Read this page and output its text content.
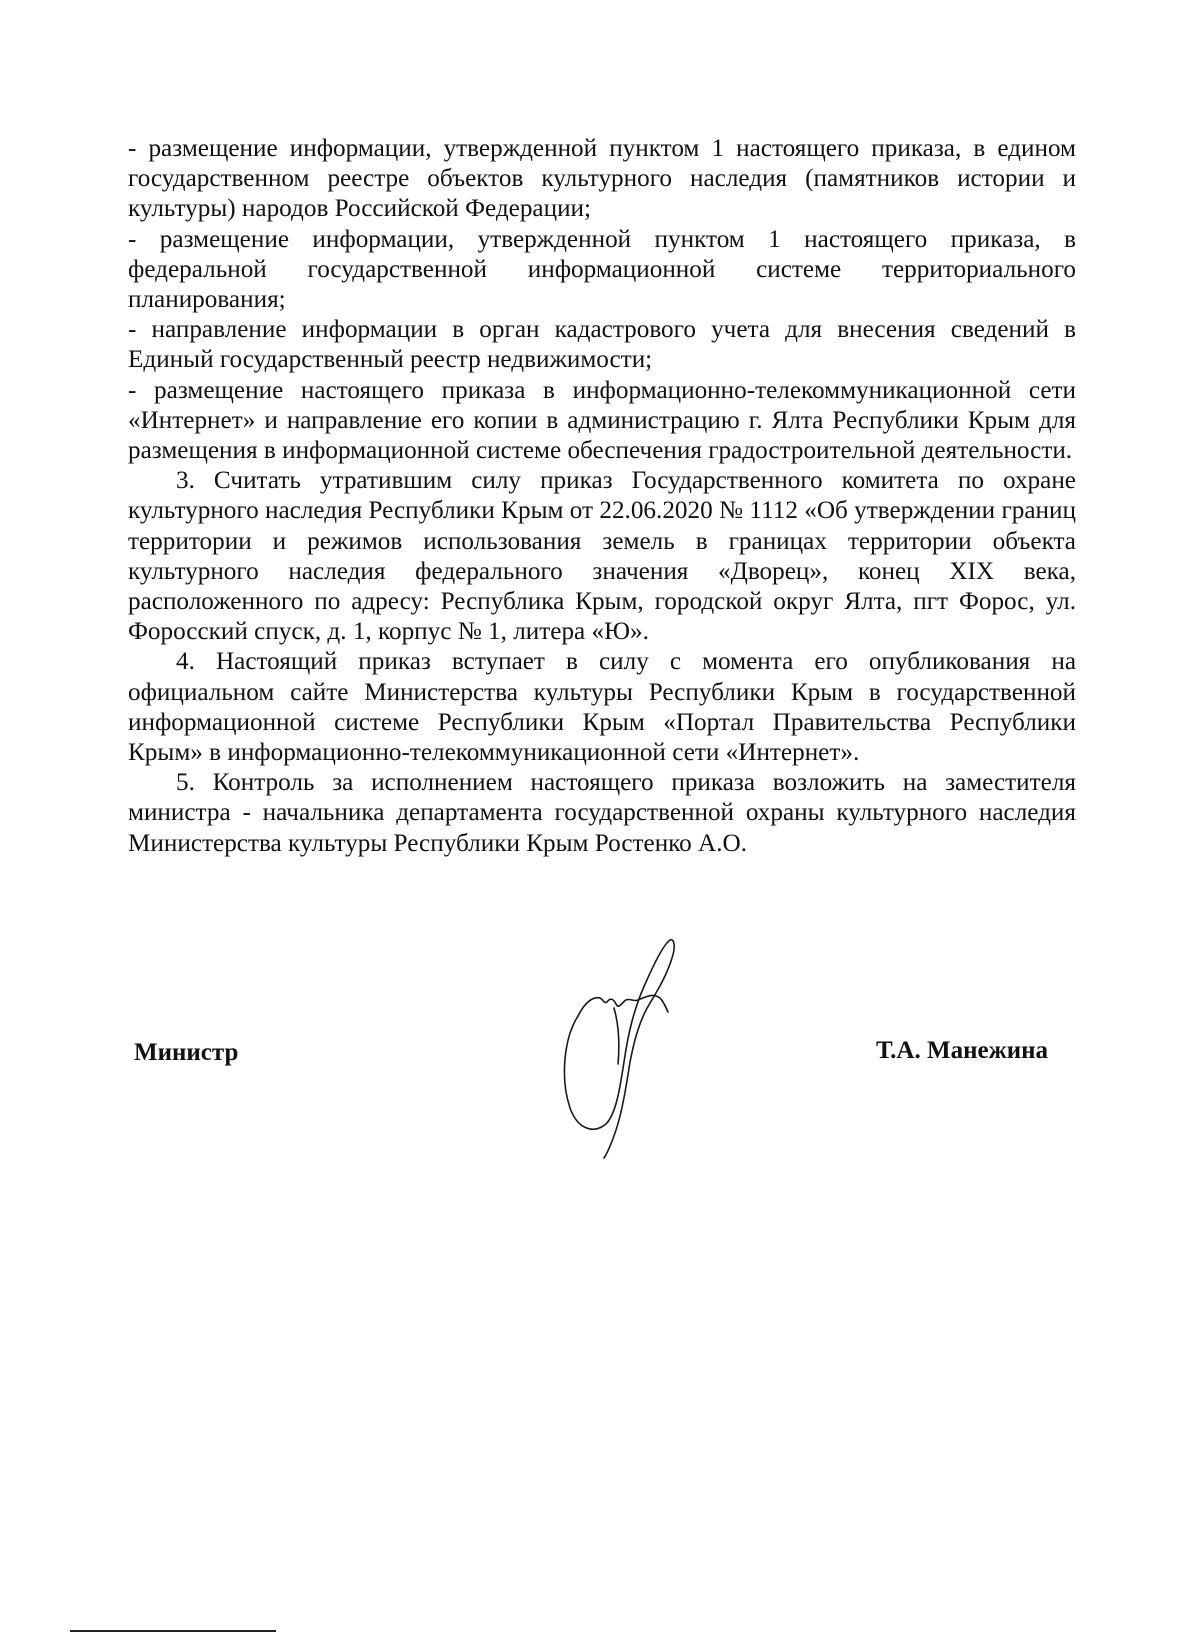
- размещение информации, утвержденной пунктом 1 настоящего приказа, в едином государственном реестре объектов культурного наследия (памятников истории и культуры) народов Российской Федерации;

- размещение информации, утвержденной пунктом 1 настоящего приказа, в федеральной государственной информационной системе территориального планирования;

- направление информации в орган кадастрового учета для внесения сведений в Единый государственный реестр недвижимости;

- размещение настоящего приказа в информационно-телекоммуникационной сети «Интернет» и направление его копии в администрацию г. Ялта Республики Крым для размещения в информационной системе обеспечения градостроительной деятельности.

3. Считать утратившим силу приказ Государственного комитета по охране культурного наследия Республики Крым от 22.06.2020 № 1112 «Об утверждении границ территории и режимов использования земель в границах территории объекта культурного наследия федерального значения «Дворец», конец XIX века, расположенного по адресу: Республика Крым, городской округ Ялта, пгт Форос, ул. Форосский спуск, д. 1, корпус № 1, литера «Ю».

4. Настоящий приказ вступает в силу с момента его опубликования на официальном сайте Министерства культуры Республики Крым в государственной информационной системе Республики Крым «Портал Правительства Республики Крым» в информационно-телекоммуникационной сети «Интернет».

5. Контроль за исполнением настоящего приказа возложить на заместителя министра - начальника департамента государственной охраны культурного наследия Министерства культуры Республики Крым Ростенко А.О.

Министр	Т.А. Манежина
